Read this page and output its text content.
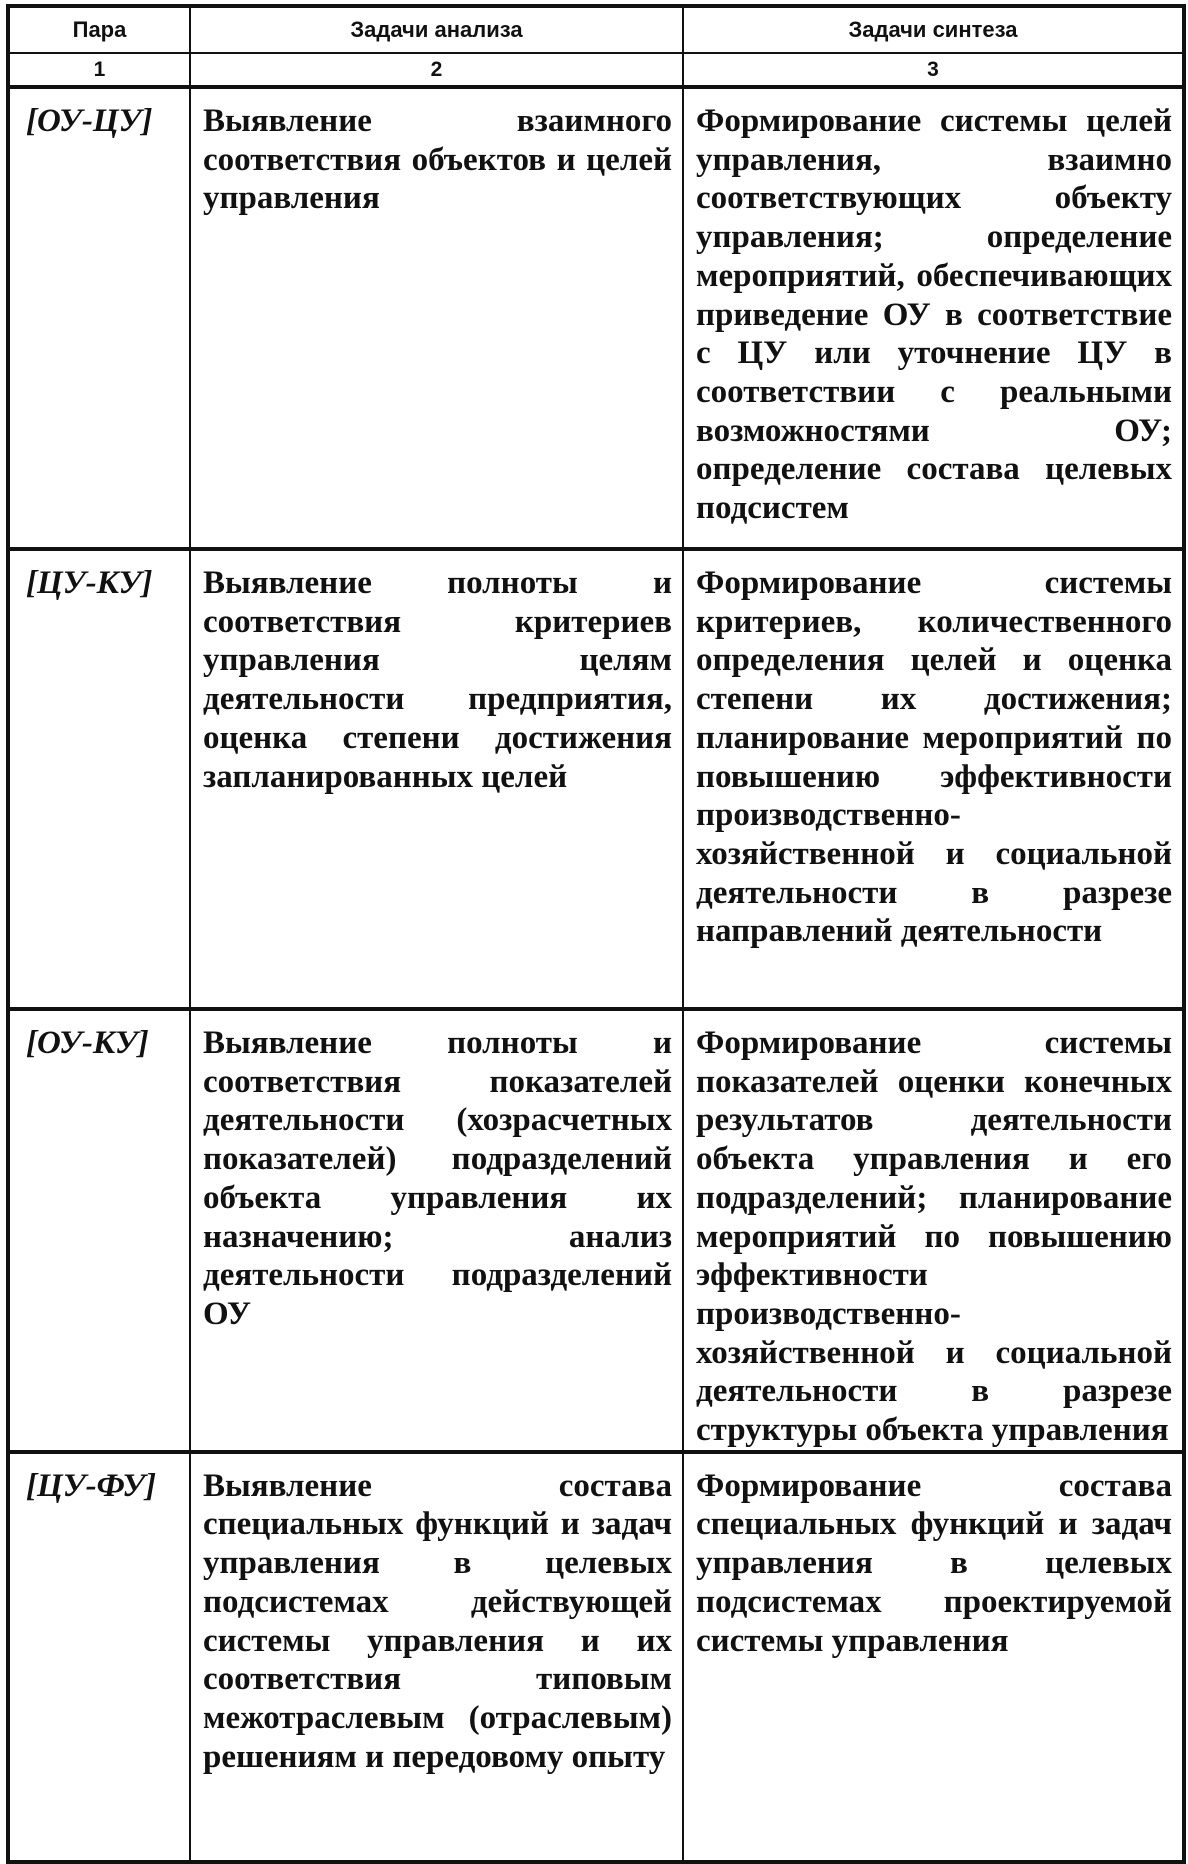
Пара	Задачи анализа	Задачи синтеза
1	2	3
[ОУ-ЦУ]	Выявление взаимного соответствия объектов и целей управления	Формирование системы целей управления, взаимно соответствующих объекту управления; определение мероприятий, обеспечивающих приведение ОУ в соответствие с ЦУ или уточнение ЦУ в соответствии с реальными возможностями ОУ; определение состава целевых подсистем
[ЦУ-КУ]	Выявление полноты и соответствия критериев управления целям деятельности предприятия, оценка степени достижения запланированных целей	Формирование системы критериев, количественного определения целей и оценка степени их достижения; планирование мероприятий по повышению эффективности производственно-хозяйственной и социальной деятельности в разрезе направлений деятельности
[ОУ-КУ]	Выявление полноты и соответствия показателей деятельности (хозрасчетных показателей) подразделений объекта управления их назначению; анализ деятельности подразделений ОУ	Формирование системы показателей оценки конечных результатов деятельности объекта управления и его подразделений; планирование мероприятий по повышению эффективности производственно-хозяйственной и социальной деятельности в разрезе структуры объекта управления
[ЦУ-ФУ]	Выявление состава специальных функций и задач управления в целевых подсистемах действующей системы управления и их соответствия типовым межотраслевым (отраслевым) решениям и передовому опыту	Формирование состава специальных функций и задач управления в целевых подсистемах проектируемой системы управления
